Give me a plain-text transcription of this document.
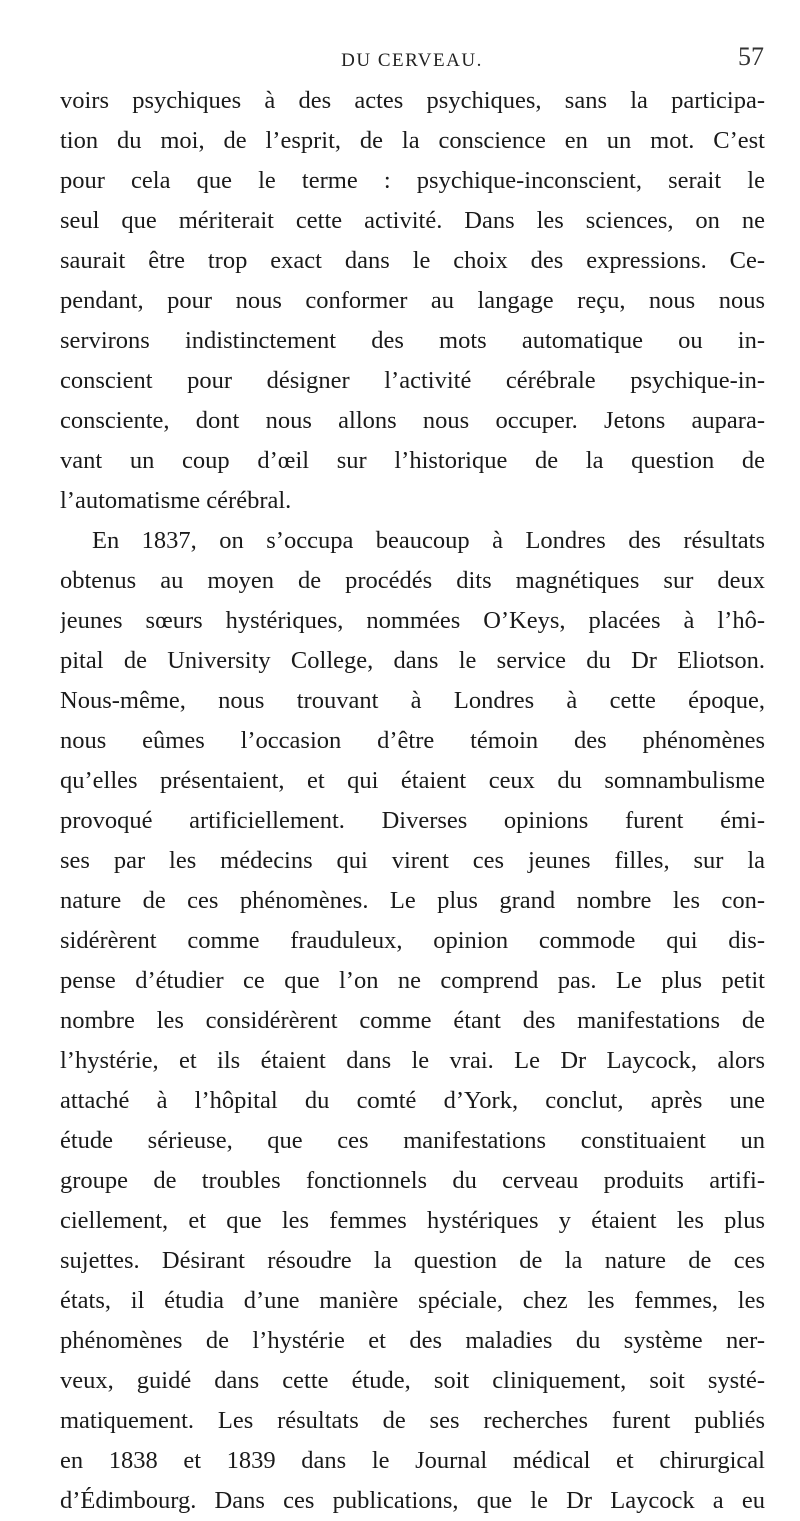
DU CERVEAU.	57
voirs psychiques à des actes psychiques, sans la participa-
tion du moi, de l’esprit, de la conscience en un mot. C’est
pour cela que le terme : psychique-inconscient, serait le
seul que mériterait cette activité. Dans les sciences, on ne
saurait être trop exact dans le choix des expressions. Ce-
pendant, pour nous conformer au langage reçu, nous nous
servirons indistinctement des mots automatique ou in-
conscient pour désigner l’activité cérébrale psychique-in-
consciente, dont nous allons nous occuper. Jetons aupara-
vant un coup d’œil sur l’historique de la question de
l’automatisme cérébral.
En 1837, on s’occupa beaucoup à Londres des résultats
obtenus au moyen de procédés dits magnétiques sur deux
jeunes sœurs hystériques, nommées O’Keys, placées à l’hô-
pital de University College, dans le service du Dr Eliotson.
Nous-même, nous trouvant à Londres à cette époque,
nous eûmes l’occasion d’être témoin des phénomènes
qu’elles présentaient, et qui étaient ceux du somnambulisme
provoqué artificiellement. Diverses opinions furent émi-
ses par les médecins qui virent ces jeunes filles, sur la
nature de ces phénomènes. Le plus grand nombre les con-
sidérèrent comme frauduleux, opinion commode qui dis-
pense d’étudier ce que l’on ne comprend pas. Le plus petit
nombre les considérèrent comme étant des manifestations de
l’hystérie, et ils étaient dans le vrai. Le Dr Laycock, alors
attaché à l’hôpital du comté d’York, conclut, après une
étude sérieuse, que ces manifestations constituaient un
groupe de troubles fonctionnels du cerveau produits artifi-
ciellement, et que les femmes hystériques y étaient les plus
sujettes. Désirant résoudre la question de la nature de ces
états, il étudia d’une manière spéciale, chez les femmes, les
phénomènes de l’hystérie et des maladies du système ner-
veux, guidé dans cette étude, soit cliniquement, soit systé-
matiquement. Les résultats de ses recherches furent publiés
en 1838 et 1839 dans le Journal médical et chirurgical
d’Édimbourg. Dans ces publications, que le Dr Laycock a eu
